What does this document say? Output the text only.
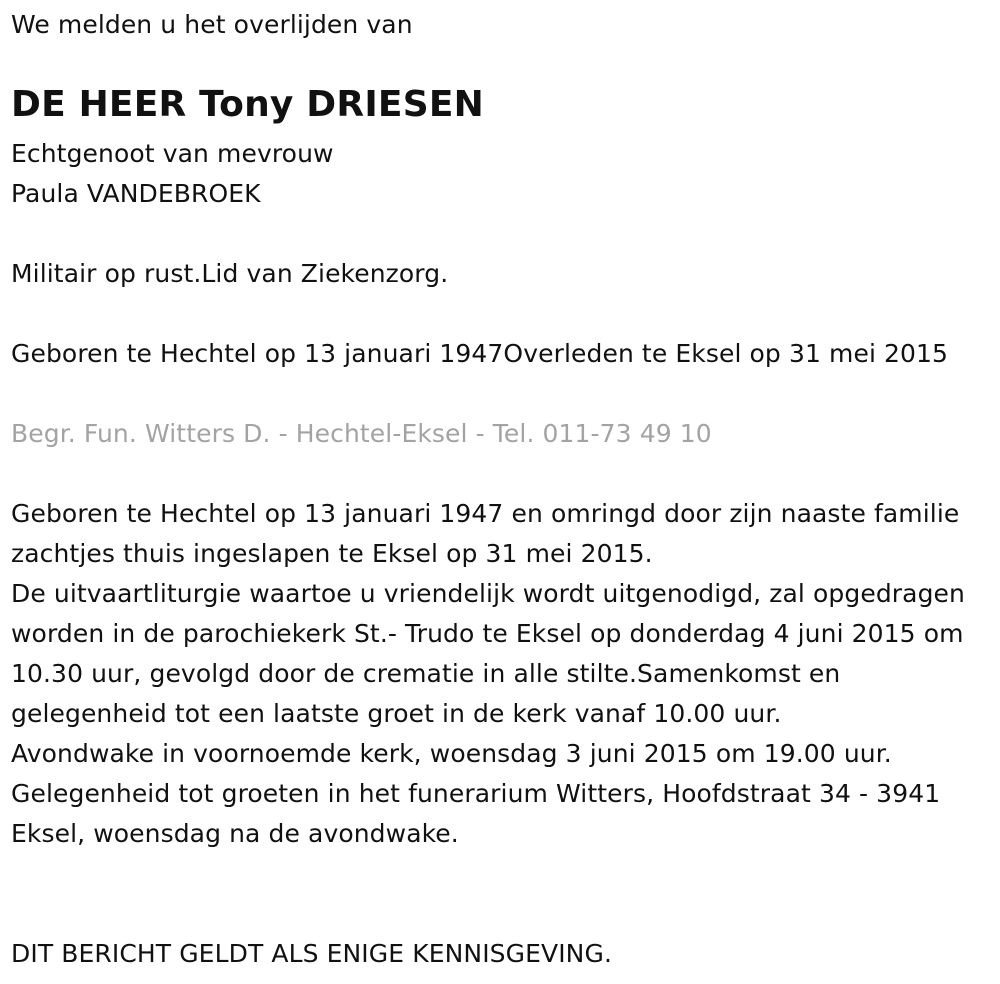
We melden u het overlijden van
DE HEER Tony DRIESEN
Echtgenoot van mevrouw
Paula VANDEBROEK
Militair op rust.Lid van Ziekenzorg.
Geboren te Hechtel op 13 januari 1947Overleden te Eksel op 31 mei 2015
Begr. Fun. Witters D. - Hechtel-Eksel - Tel. 011-73 49 10

Geboren te Hechtel op 13 januari 1947 en omringd door zijn naaste familie zachtjes thuis ingeslapen te Eksel op 31 mei 2015.

De uitvaartliturgie waartoe u vriendelijk wordt uitgenodigd, zal opgedragen worden in de parochiekerk St.- Trudo te Eksel op donderdag 4 juni 2015 om 10.30 uur, gevolgd door de crematie in alle stilte.Samenkomst en gelegenheid tot een laatste groet in de kerk vanaf 10.00 uur.

Avondwake in voornoemde kerk, woensdag 3 juni 2015 om 19.00 uur.

Gelegenheid tot groeten in het funerarium Witters, Hoofdstraat 34 - 3941 Eksel, woensdag na de avondwake.

DIT BERICHT GELDT ALS ENIGE KENNISGEVING.
